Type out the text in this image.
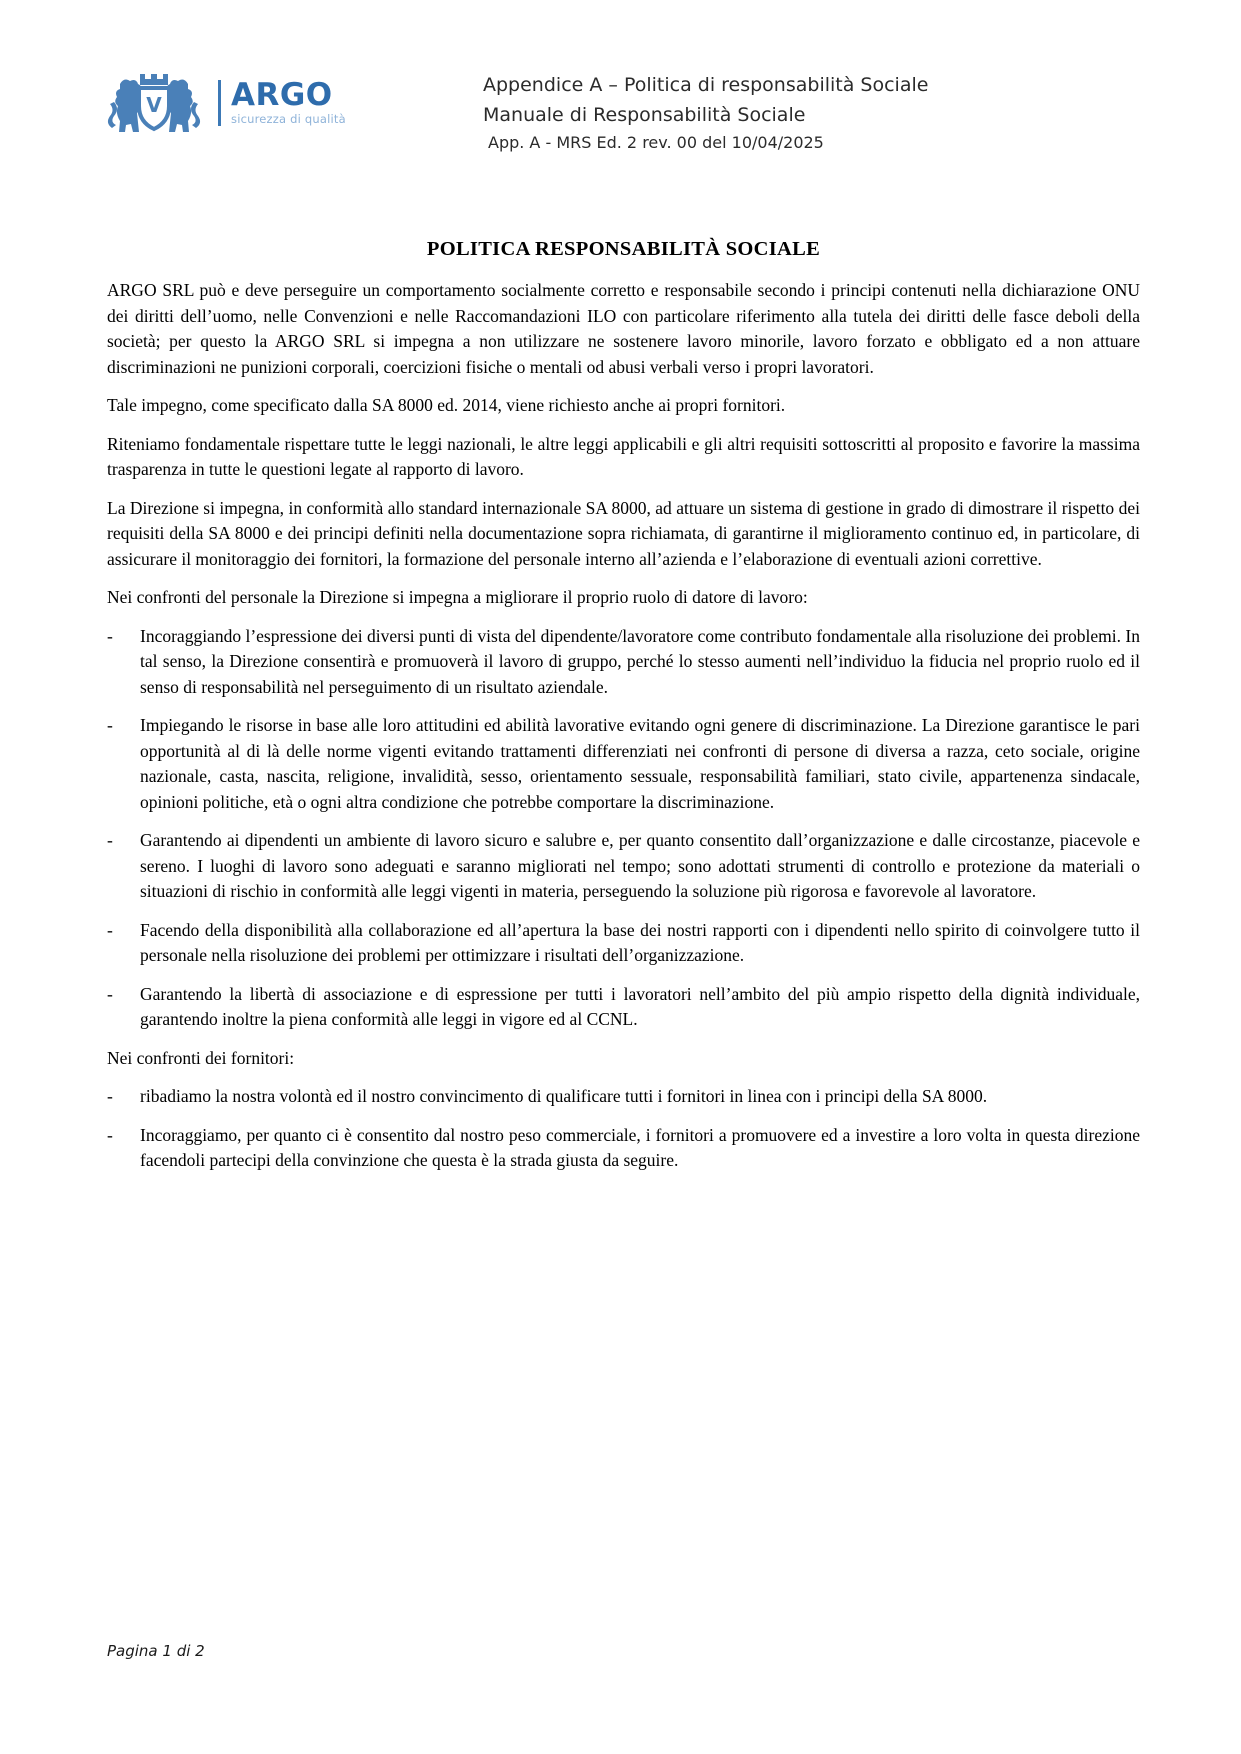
V ARGO
sicurezza di qualità
Appendice A – Politica di responsabilità Sociale
Manuale di Responsabilità Sociale
App. A - MRS Ed. 2 rev. 00 del 10/04/2025
POLITICA RESPONSABILITÀ SOCIALE

ARGO SRL può e deve perseguire un comportamento socialmente corretto e responsabile secondo i principi contenuti nella dichiarazione ONU dei diritti dell’uomo, nelle Convenzioni e nelle Raccomandazioni ILO con particolare riferimento alla tutela dei diritti delle fasce deboli della società; per questo la ARGO SRL si impegna a non utilizzare ne sostenere lavoro minorile, lavoro forzato e obbligato ed a non attuare discriminazioni ne punizioni corporali, coercizioni fisiche o mentali od abusi verbali verso i propri lavoratori.

Tale impegno, come specificato dalla SA 8000 ed. 2014, viene richiesto anche ai propri fornitori.

Riteniamo fondamentale rispettare tutte le leggi nazionali, le altre leggi applicabili e gli altri requisiti sottoscritti al proposito e favorire la massima trasparenza in tutte le questioni legate al rapporto di lavoro.

La Direzione si impegna, in conformità allo standard internazionale SA 8000, ad attuare un sistema di gestione in grado di dimostrare il rispetto dei requisiti della SA 8000 e dei principi definiti nella documentazione sopra richiamata, di garantirne il miglioramento continuo ed, in particolare, di assicurare il monitoraggio dei fornitori, la formazione del personale interno all’azienda e l’elaborazione di eventuali azioni correttive.

Nei confronti del personale la Direzione si impegna a migliorare il proprio ruolo di datore di lavoro:

-	Incoraggiando l’espressione dei diversi punti di vista del dipendente/lavoratore come contributo fondamentale alla risoluzione dei problemi. In tal senso, la Direzione consentirà e promuoverà il lavoro di gruppo, perché lo stesso aumenti nell’individuo la fiducia nel proprio ruolo ed il senso di responsabilità nel perseguimento di un risultato aziendale.
-	Impiegando le risorse in base alle loro attitudini ed abilità lavorative evitando ogni genere di discriminazione. La Direzione garantisce le pari opportunità al di là delle norme vigenti evitando trattamenti differenziati nei confronti di persone di diversa a razza, ceto sociale, origine nazionale, casta, nascita, religione, invalidità, sesso, orientamento sessuale, responsabilità familiari, stato civile, appartenenza sindacale, opinioni politiche, età o ogni altra condizione che potrebbe comportare la discriminazione.
-	Garantendo ai dipendenti un ambiente di lavoro sicuro e salubre e, per quanto consentito dall’organizzazione e dalle circostanze, piacevole e sereno. I luoghi di lavoro sono adeguati e saranno migliorati nel tempo; sono adottati strumenti di controllo e protezione da materiali o situazioni di rischio in conformità alle leggi vigenti in materia, perseguendo la soluzione più rigorosa e favorevole al lavoratore.
-	Facendo della disponibilità alla collaborazione ed all’apertura la base dei nostri rapporti con i dipendenti nello spirito di coinvolgere tutto il personale nella risoluzione dei problemi per ottimizzare i risultati dell’organizzazione.
-	Garantendo la libertà di associazione e di espressione per tutti i lavoratori nell’ambito del più ampio rispetto della dignità individuale, garantendo inoltre la piena conformità alle leggi in vigore ed al CCNL.

Nei confronti dei fornitori:

-	ribadiamo la nostra volontà ed il nostro convincimento di qualificare tutti i fornitori in linea con i principi della SA 8000.
-	Incoraggiamo, per quanto ci è consentito dal nostro peso commerciale, i fornitori a promuovere ed a investire a loro volta in questa direzione facendoli partecipi della convinzione che questa è la strada giusta da seguire.
Pagina 1 di 2
